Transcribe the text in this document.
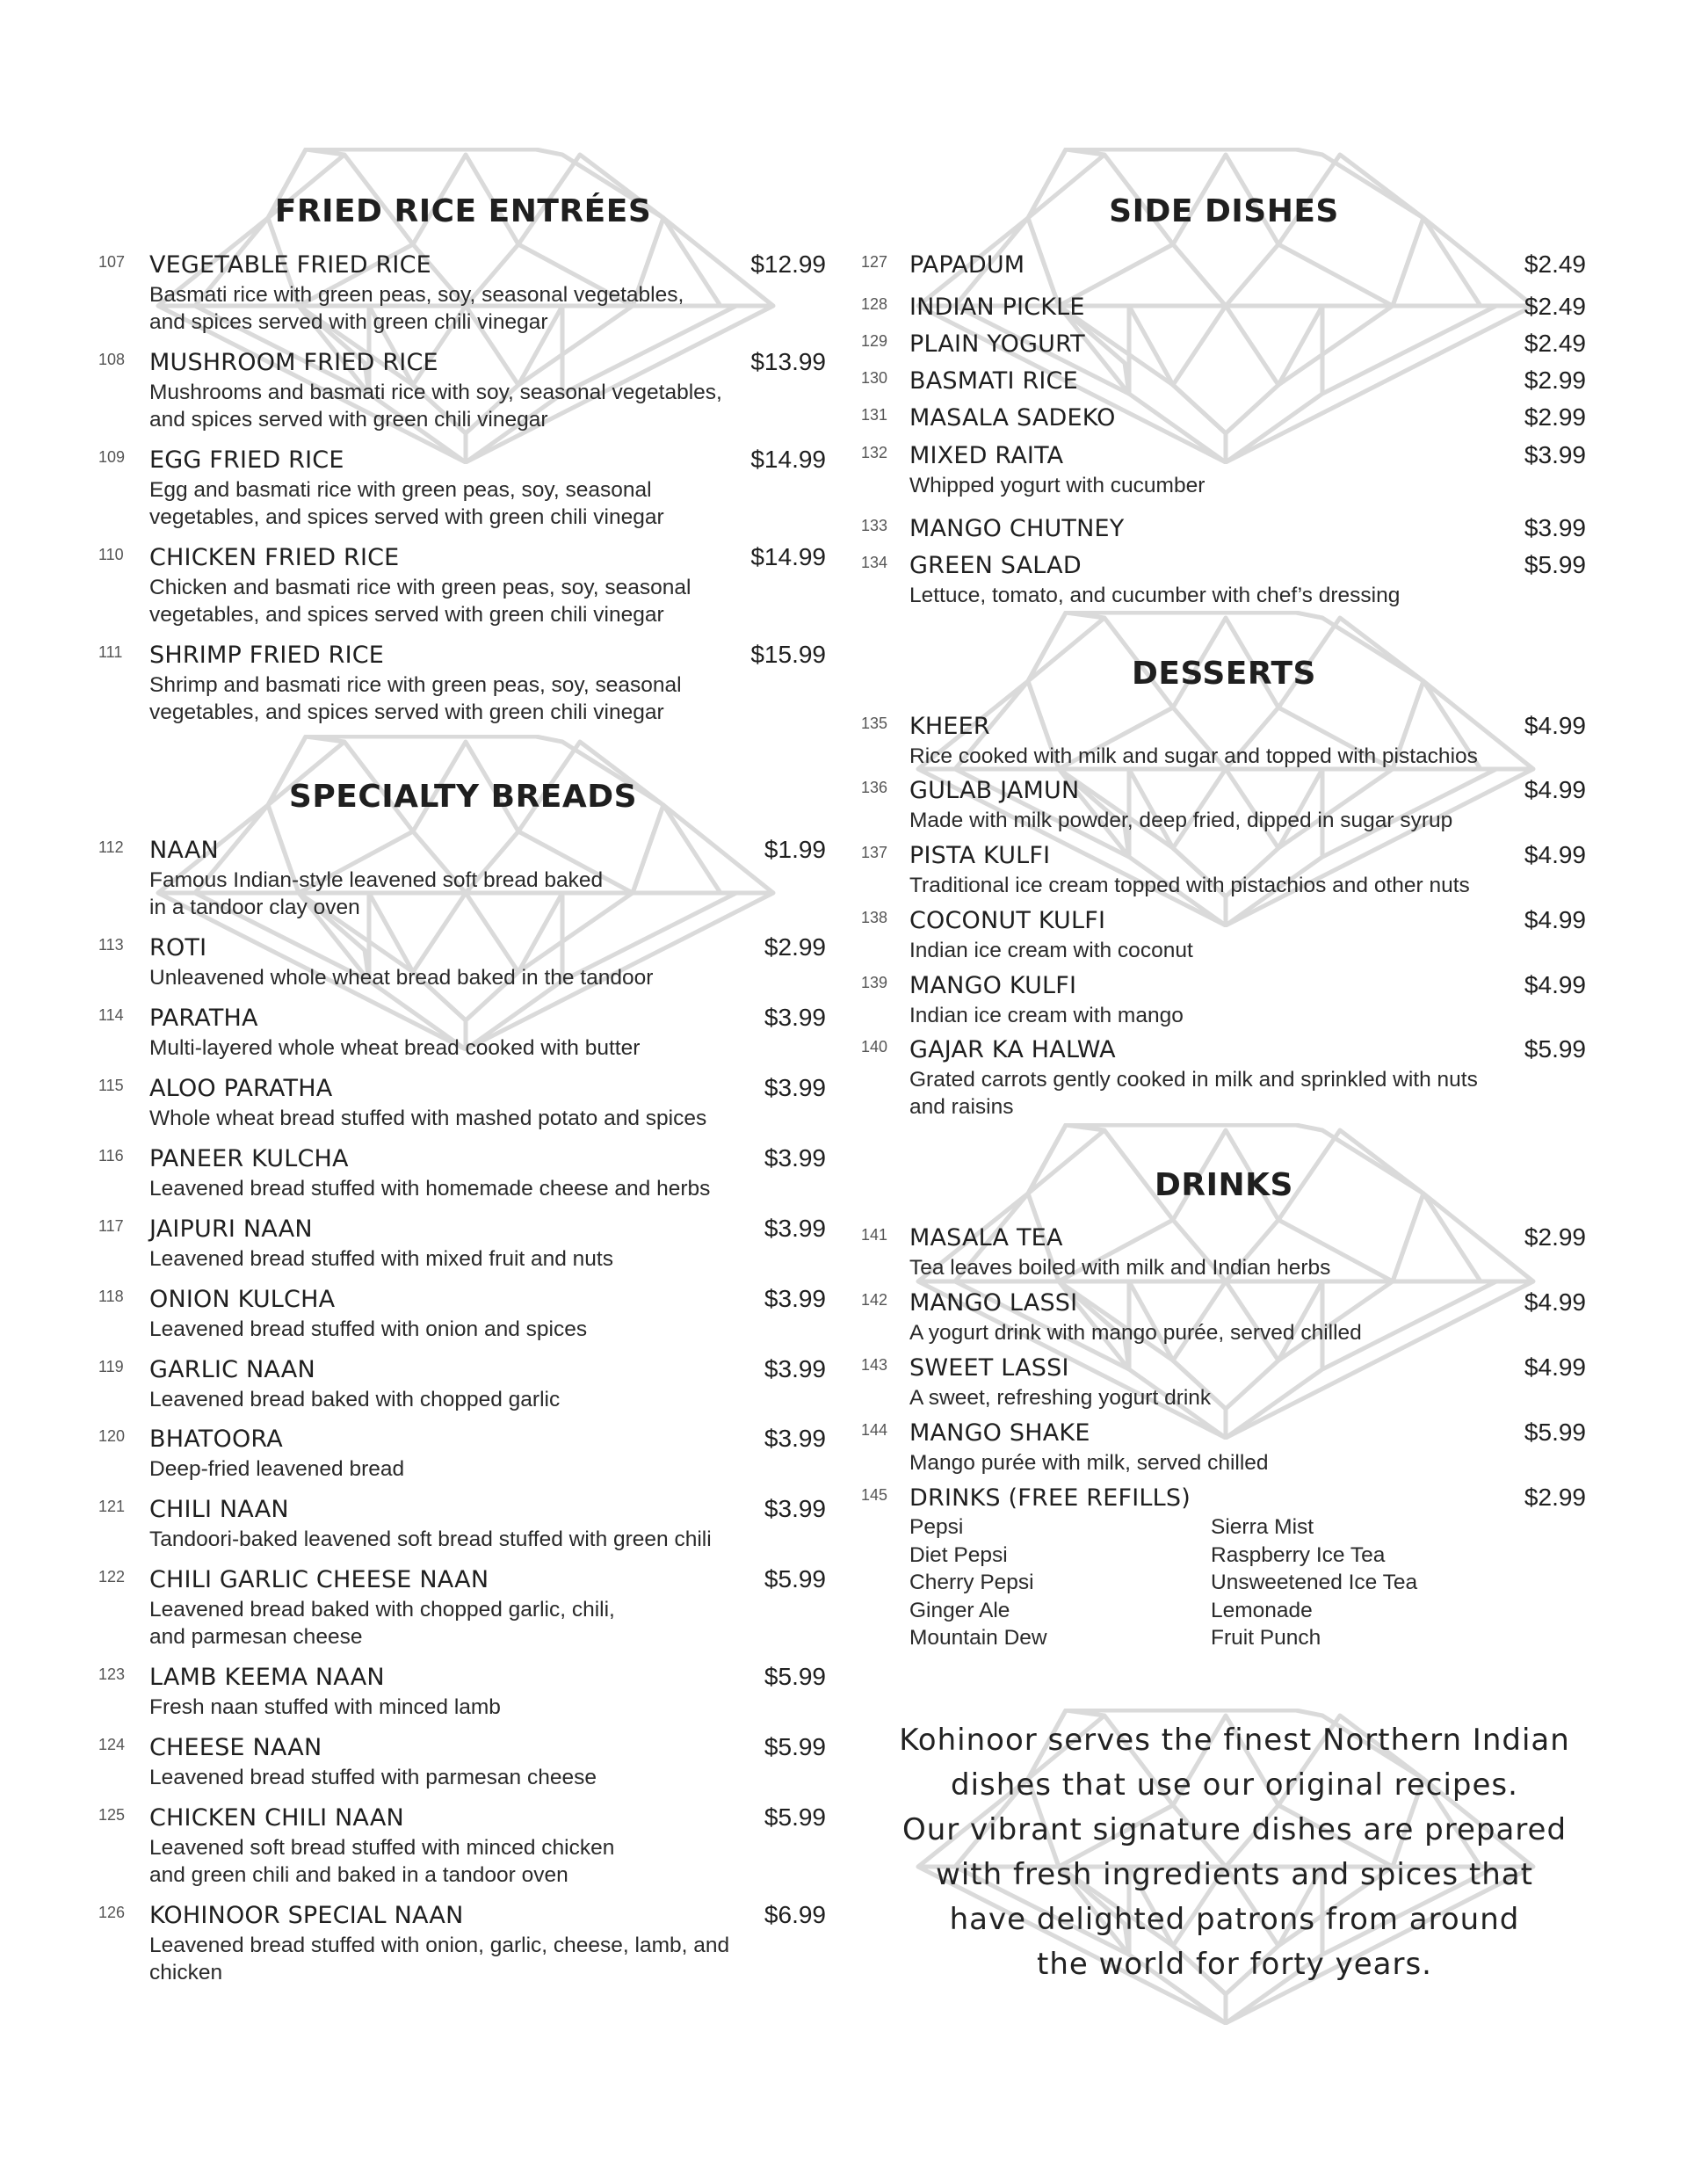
FRIED RICE ENTRÉES
SPECIALTY BREADS
SIDE DISHES
DESSERTS
DRINKS
107 VEGETABLE FRIED RICE	$12.99
Basmati rice with green peas, soy, seasonal vegetables,
and spices served with green chili vinegar
108 MUSHROOM FRIED RICE	$13.99
Mushrooms and basmati rice with soy, seasonal vegetables,
and spices served with green chili vinegar
109 EGG FRIED RICE	$14.99
Egg and basmati rice with green peas, soy, seasonal
vegetables, and spices served with green chili vinegar
110 CHICKEN FRIED RICE	$14.99
Chicken and basmati rice with green peas, soy, seasonal
vegetables, and spices served with green chili vinegar
111 SHRIMP FRIED RICE	$15.99
Shrimp and basmati rice with green peas, soy, seasonal
vegetables, and spices served with green chili vinegar
112 NAAN	$1.99
Famous Indian-style leavened soft bread baked
in a tandoor clay oven
113 ROTI	$2.99
Unleavened whole wheat bread baked in the tandoor
114 PARATHA	$3.99
Multi-layered whole wheat bread cooked with butter
115 ALOO PARATHA	$3.99
Whole wheat bread stuffed with mashed potato and spices
116 PANEER KULCHA	$3.99
Leavened bread stuffed with homemade cheese and herbs
117 JAIPURI NAAN	$3.99
Leavened bread stuffed with mixed fruit and nuts
118 ONION KULCHA	$3.99
Leavened bread stuffed with onion and spices
119 GARLIC NAAN	$3.99
Leavened bread baked with chopped garlic
120 BHATOORA	$3.99
Deep-fried leavened bread
121 CHILI NAAN	$3.99
Tandoori-baked leavened soft bread stuffed with green chili
122 CHILI GARLIC CHEESE NAAN	$5.99
Leavened bread baked with chopped garlic, chili,
and parmesan cheese
123 LAMB KEEMA NAAN	$5.99
Fresh naan stuffed with minced lamb
124 CHEESE NAAN	$5.99
Leavened bread stuffed with parmesan cheese
125 CHICKEN CHILI NAAN	$5.99
Leavened soft bread stuffed with minced chicken
and green chili and baked in a tandoor oven
126 KOHINOOR SPECIAL NAAN	$6.99
Leavened bread stuffed with onion, garlic, cheese, lamb, and
chicken
127 PAPADUM	$2.49
128 INDIAN PICKLE	$2.49
129 PLAIN YOGURT	$2.49
130 BASMATI RICE	$2.99
131 MASALA SADEKO	$2.99
132 MIXED RAITA	$3.99
Whipped yogurt with cucumber
133 MANGO CHUTNEY	$3.99
134 GREEN SALAD	$5.99
Lettuce, tomato, and cucumber with chef’s dressing
135 KHEER	$4.99
Rice cooked with milk and sugar and topped with pistachios
136 GULAB JAMUN	$4.99
Made with milk powder, deep fried, dipped in sugar syrup
137 PISTA KULFI	$4.99
Traditional ice cream topped with pistachios and other nuts
138 COCONUT KULFI	$4.99
Indian ice cream with coconut
139 MANGO KULFI	$4.99
Indian ice cream with mango
140 GAJAR KA HALWA	$5.99
Grated carrots gently cooked in milk and sprinkled with nuts
and raisins
141 MASALA TEA	$2.99
Tea leaves boiled with milk and Indian herbs
142 MANGO LASSI	$4.99
A yogurt drink with mango purée, served chilled
143 SWEET LASSI	$4.99
A sweet, refreshing yogurt drink
144 MANGO SHAKE	$5.99
Mango purée with milk, served chilled
145 DRINKS (FREE REFILLS)	$2.99
Pepsi
Diet Pepsi
Cherry Pepsi
Ginger Ale
Mountain Dew
Sierra Mist
Raspberry Ice Tea
Unsweetened Ice Tea
Lemonade
Fruit Punch
Kohinoor serves the finest Northern Indian
dishes that use our original recipes.
Our vibrant signature dishes are prepared
with fresh ingredients and spices that
have delighted patrons from around
the world for forty years.
